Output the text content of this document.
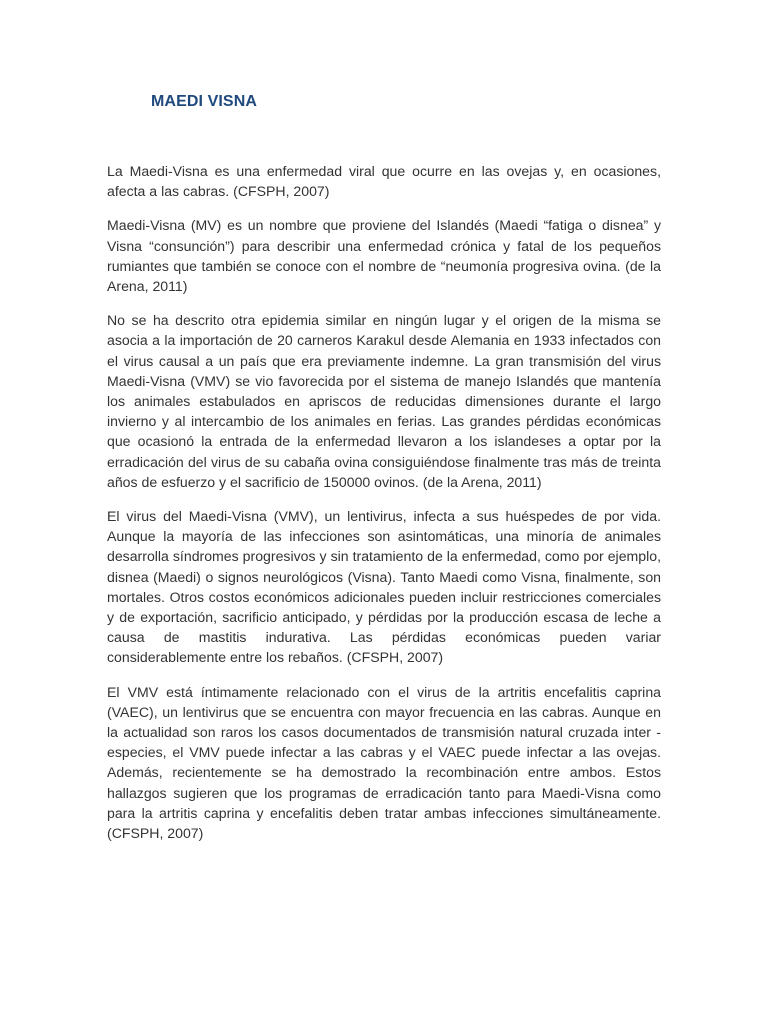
MAEDI VISNA

La Maedi-Visna es una enfermedad viral que ocurre en las ovejas y, en ocasiones, afecta a las cabras. (CFSPH, 2007)

Maedi-Visna (MV) es un nombre que proviene del Islandés (Maedi “fatiga o disnea” y Visna “consunción”) para describir una enfermedad crónica y fatal de los pequeños rumiantes que también se conoce con el nombre de “neumonía progresiva ovina. (de la Arena, 2011)

No se ha descrito otra epidemia similar en ningún lugar y el origen de la misma se asocia a la importación de 20 carneros Karakul desde Alemania en 1933 infectados con el virus causal a un país que era previamente indemne. La gran transmisión del virus Maedi-Visna (VMV) se vio favorecida por el sistema de manejo Islandés que mantenía los animales estabulados en apriscos de reducidas dimensiones durante el largo invierno y al intercambio de los animales en ferias. Las grandes pérdidas económicas que ocasionó la entrada de la enfermedad llevaron a los islandeses a optar por la erradicación del virus de su cabaña ovina consiguiéndose finalmente tras más de treinta años de esfuerzo y el sacrificio de 150000 ovinos. (de la Arena, 2011)

El virus del Maedi-Visna (VMV), un lentivirus, infecta a sus huéspedes de por vida. Aunque la mayoría de las infecciones son asintomáticas, una minoría de animales desarrolla síndromes progresivos y sin tratamiento de la enfermedad, como por ejemplo, disnea (Maedi) o signos neurológicos (Visna). Tanto Maedi como Visna, finalmente, son mortales. Otros costos económicos adicionales pueden incluir restricciones comerciales y de exportación, sacrificio anticipado, y pérdidas por la producción escasa de leche a causa de mastitis indurativa. Las pérdidas económicas pueden variar considerablemente entre los rebaños. (CFSPH, 2007)

El VMV está íntimamente relacionado con el virus de la artritis encefalitis caprina (VAEC), un lentivirus que se encuentra con mayor frecuencia en las cabras. Aunque en la actualidad son raros los casos documentados de transmisión natural cruzada inter -especies, el VMV puede infectar a las cabras y el VAEC puede infectar a las ovejas. Además, recientemente se ha demostrado la recombinación entre ambos. Estos hallazgos sugieren que los programas de erradicación tanto para Maedi-Visna como para la artritis caprina y encefalitis deben tratar ambas infecciones simultáneamente. (CFSPH, 2007)
